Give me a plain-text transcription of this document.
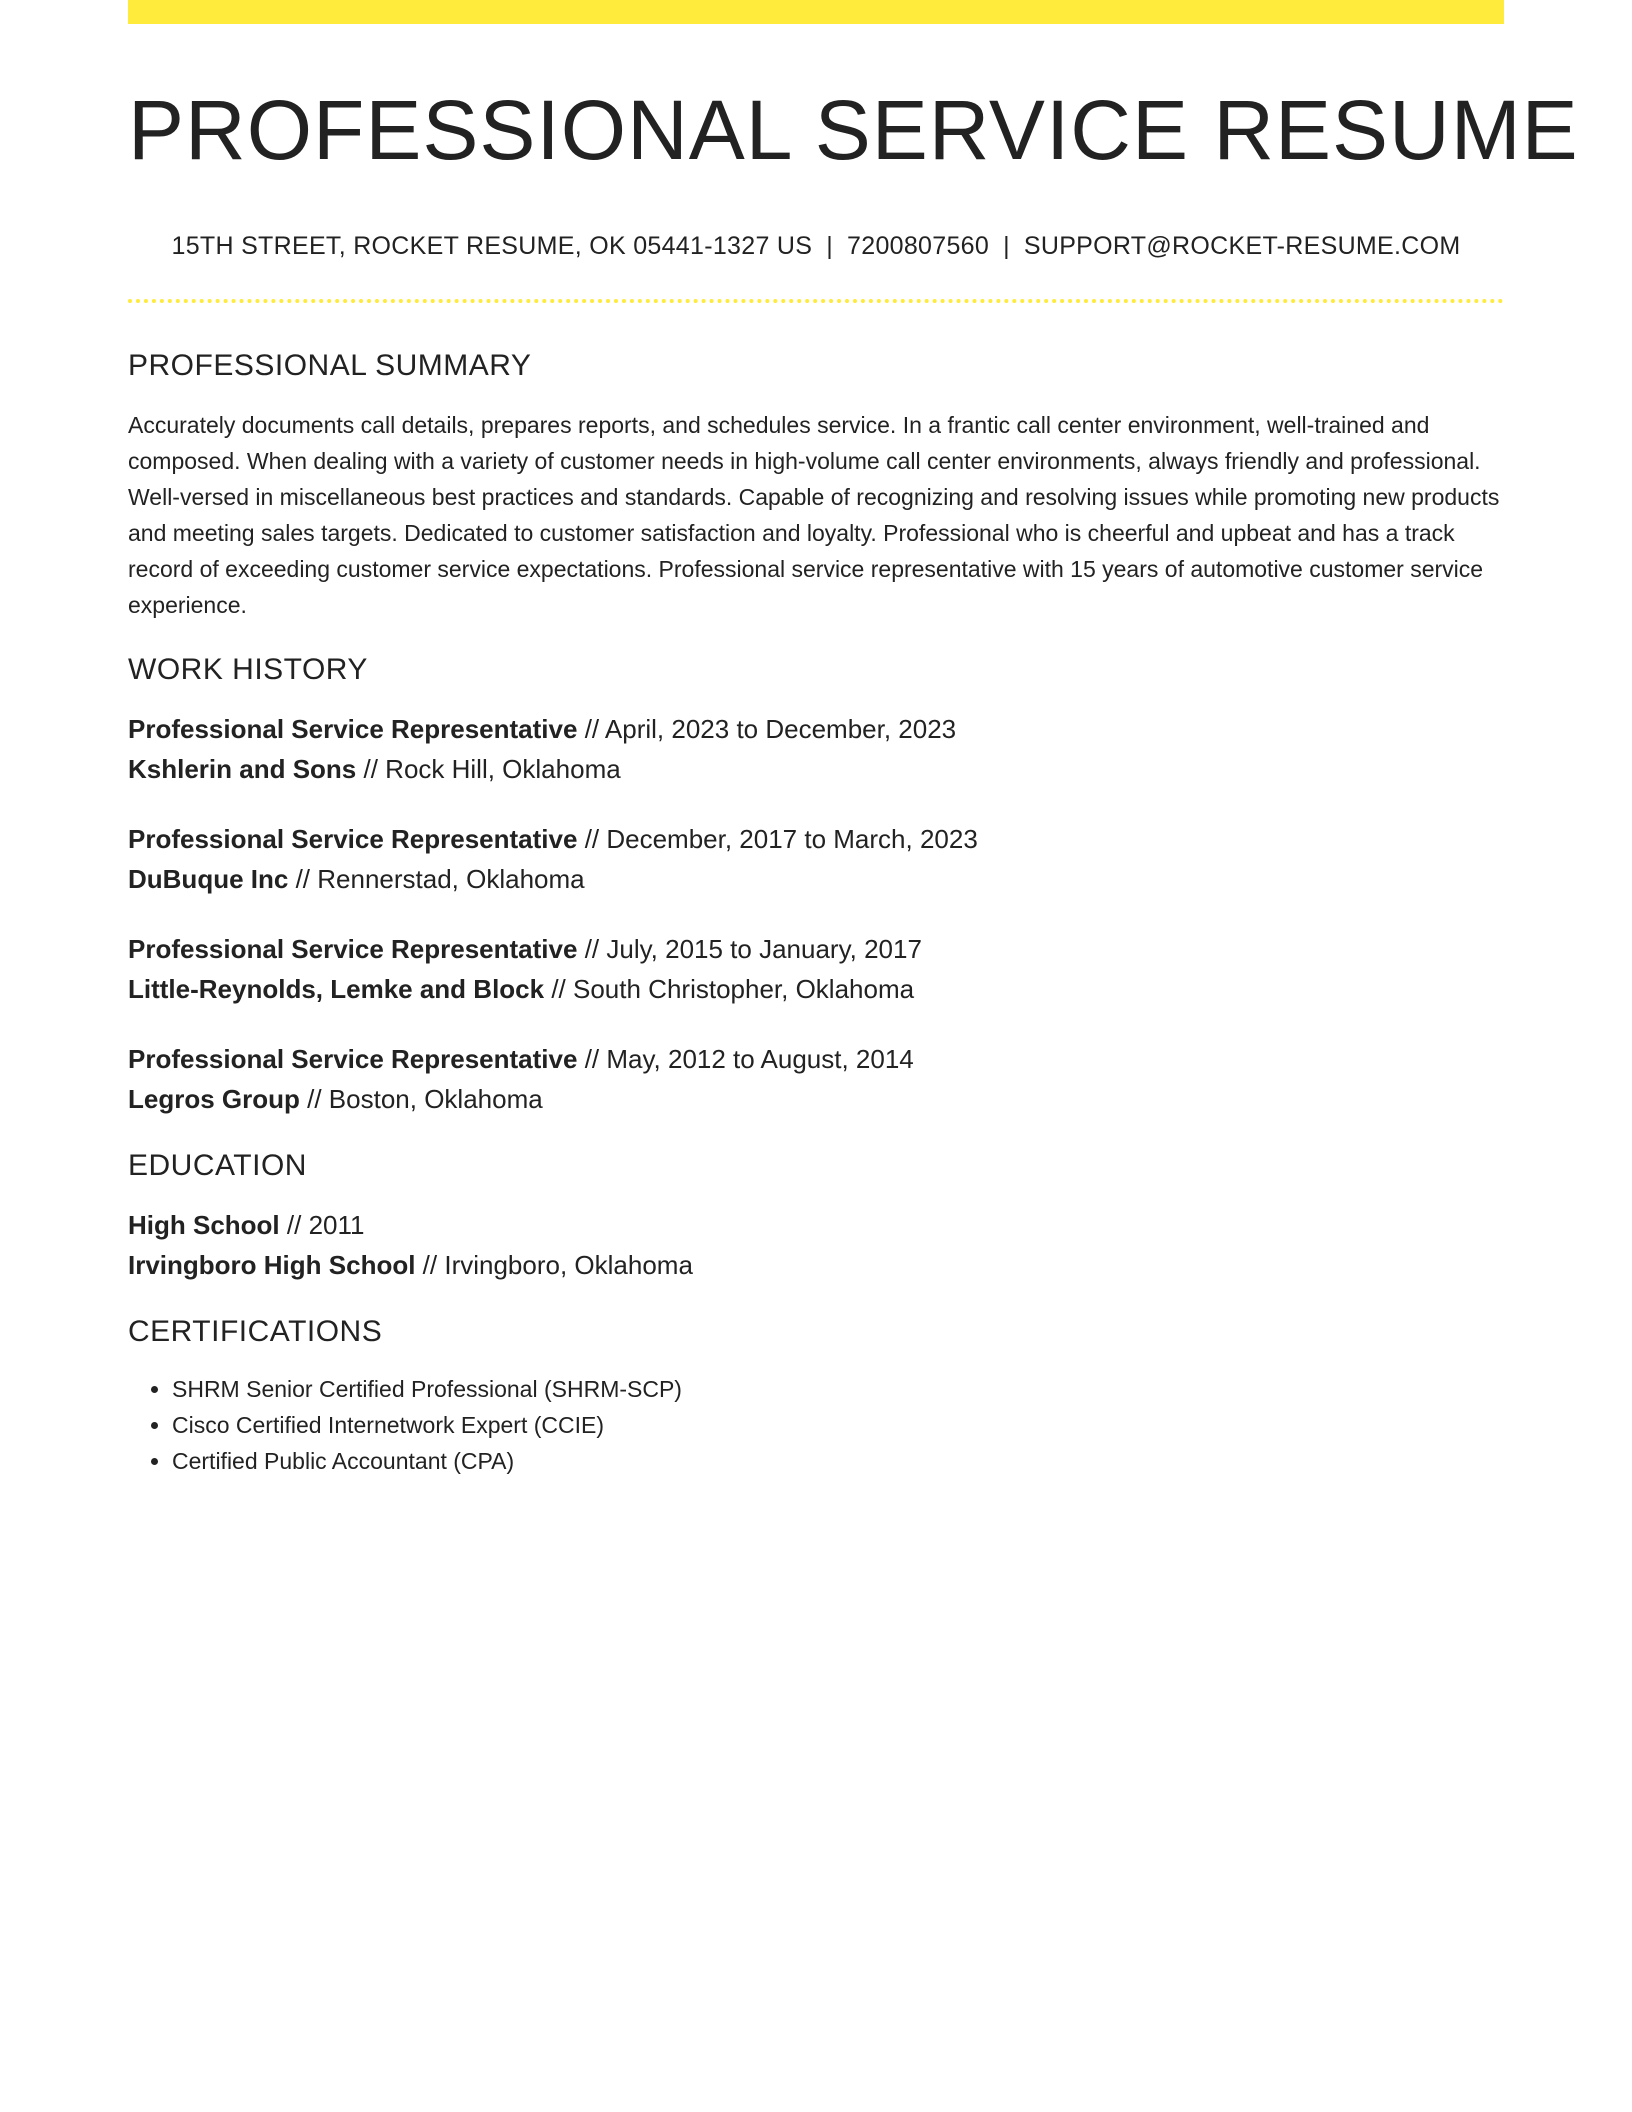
PROFESSIONAL SERVICE RESUME
15TH STREET, ROCKET RESUME, OK 05441-1327 US | 7200807560 | SUPPORT@ROCKET-RESUME.COM
PROFESSIONAL SUMMARY

Accurately documents call details, prepares reports, and schedules service. In a frantic call center environment, well-trained and composed. When dealing with a variety of customer needs in high-volume call center environments, always friendly and professional. Well-versed in miscellaneous best practices and standards. Capable of recognizing and resolving issues while promoting new products and meeting sales targets. Dedicated to customer satisfaction and loyalty. Professional who is cheerful and upbeat and has a track record of exceeding customer service expectations. Professional service representative with 15 years of automotive customer service experience.

WORK HISTORY
Professional Service Representative // April, 2023 to December, 2023
Kshlerin and Sons // Rock Hill, Oklahoma
Professional Service Representative // December, 2017 to March, 2023
DuBuque Inc // Rennerstad, Oklahoma
Professional Service Representative // July, 2015 to January, 2017
Little-Reynolds, Lemke and Block // South Christopher, Oklahoma
Professional Service Representative // May, 2012 to August, 2014
Legros Group // Boston, Oklahoma
EDUCATION
High School // 2011
Irvingboro High School // Irvingboro, Oklahoma
CERTIFICATIONS
• SHRM Senior Certified Professional (SHRM-SCP)
• Cisco Certified Internetwork Expert (CCIE)
• Certified Public Accountant (CPA)
